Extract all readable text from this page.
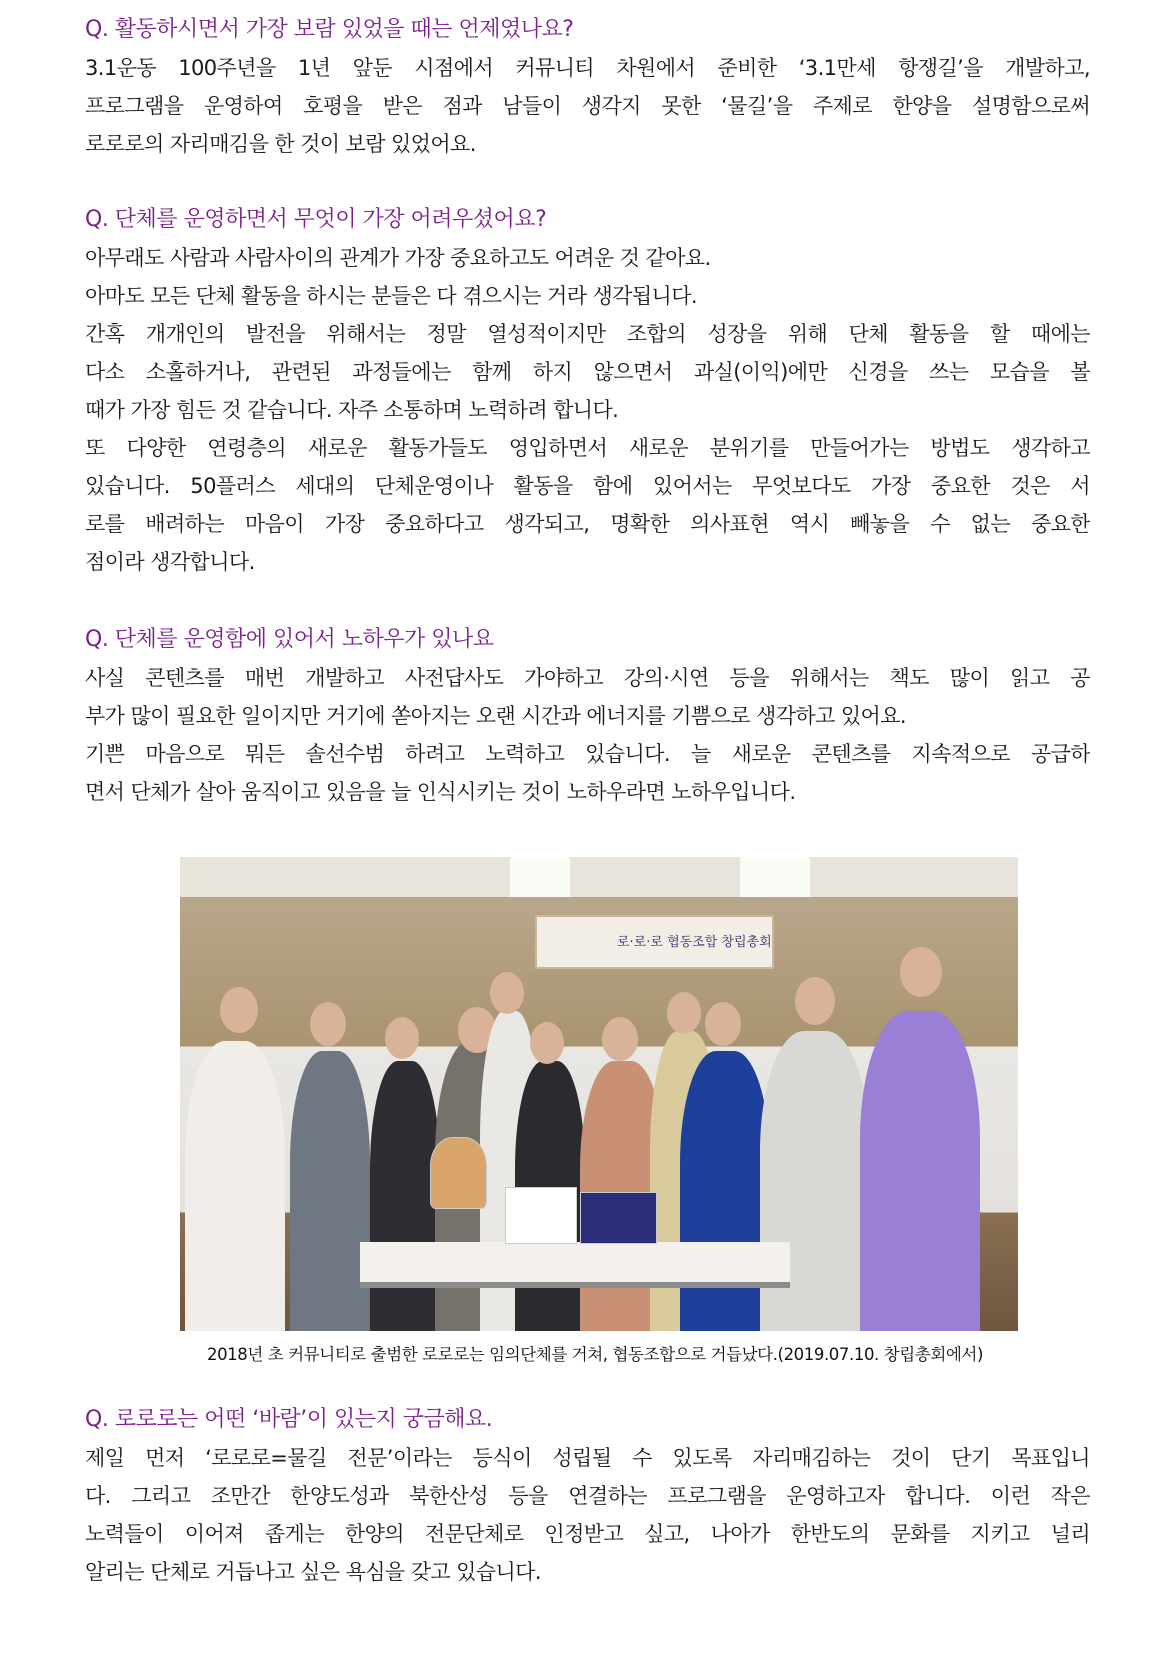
Q. 활동하시면서 가장 보람 있었을 때는 언제였나요?
3.1운동 100주년을 1년 앞둔 시점에서 커뮤니티 차원에서 준비한 ‘3.1만세 항쟁길’을 개발하고,
프로그램을 운영하여 호평을 받은 점과 남들이 생각지 못한 ‘물길’을 주제로 한양을 설명함으로써
로로로의 자리매김을 한 것이 보람 있었어요.
Q. 단체를 운영하면서 무엇이 가장 어려우셨어요?
아무래도 사람과 사람사이의 관계가 가장 중요하고도 어려운 것 같아요.
아마도 모든 단체 활동을 하시는 분들은 다 겪으시는 거라 생각됩니다.
간혹 개개인의 발전을 위해서는 정말 열성적이지만 조합의 성장을 위해 단체 활동을 할 때에는
다소 소홀하거나, 관련된 과정들에는 함께 하지 않으면서 과실(이익)에만 신경을 쓰는 모습을 볼
때가 가장 힘든 것 같습니다. 자주 소통하며 노력하려 합니다.
또 다양한 연령층의 새로운 활동가들도 영입하면서 새로운 분위기를 만들어가는 방법도 생각하고
있습니다. 50플러스 세대의 단체운영이나 활동을 함에 있어서는 무엇보다도 가장 중요한 것은 서
로를 배려하는 마음이 가장 중요하다고 생각되고, 명확한 의사표현 역시 빼놓을 수 없는 중요한
점이라 생각합니다.
Q. 단체를 운영함에 있어서 노하우가 있나요
사실 콘텐츠를 매번 개발하고 사전답사도 가야하고 강의·시연 등을 위해서는 책도 많이 읽고 공
부가 많이 필요한 일이지만 거기에 쏟아지는 오랜 시간과 에너지를 기쁨으로 생각하고 있어요.
기쁜 마음으로 뭐든 솔선수범 하려고 노력하고 있습니다. 늘 새로운 콘텐츠를 지속적으로 공급하
면서 단체가 살아 움직이고 있음을 늘 인식시키는 것이 노하우라면 노하우입니다.
로·로·로 협동조합 창립총회
2018년 초 커뮤니티로 출범한 로로로는 임의단체를 거쳐, 협동조합으로 거듭났다.(2019.07.10. 창립총회에서)
Q. 로로로는 어떤 ‘바람’이 있는지 궁금해요.
제일 먼저 ‘로로로=물길 전문’이라는 등식이 성립될 수 있도록 자리매김하는 것이 단기 목표입니
다. 그리고 조만간 한양도성과 북한산성 등을 연결하는 프로그램을 운영하고자 합니다. 이런 작은
노력들이 이어져 좁게는 한양의 전문단체로 인정받고 싶고, 나아가 한반도의 문화를 지키고 널리
알리는 단체로 거듭나고 싶은 욕심을 갖고 있습니다.
